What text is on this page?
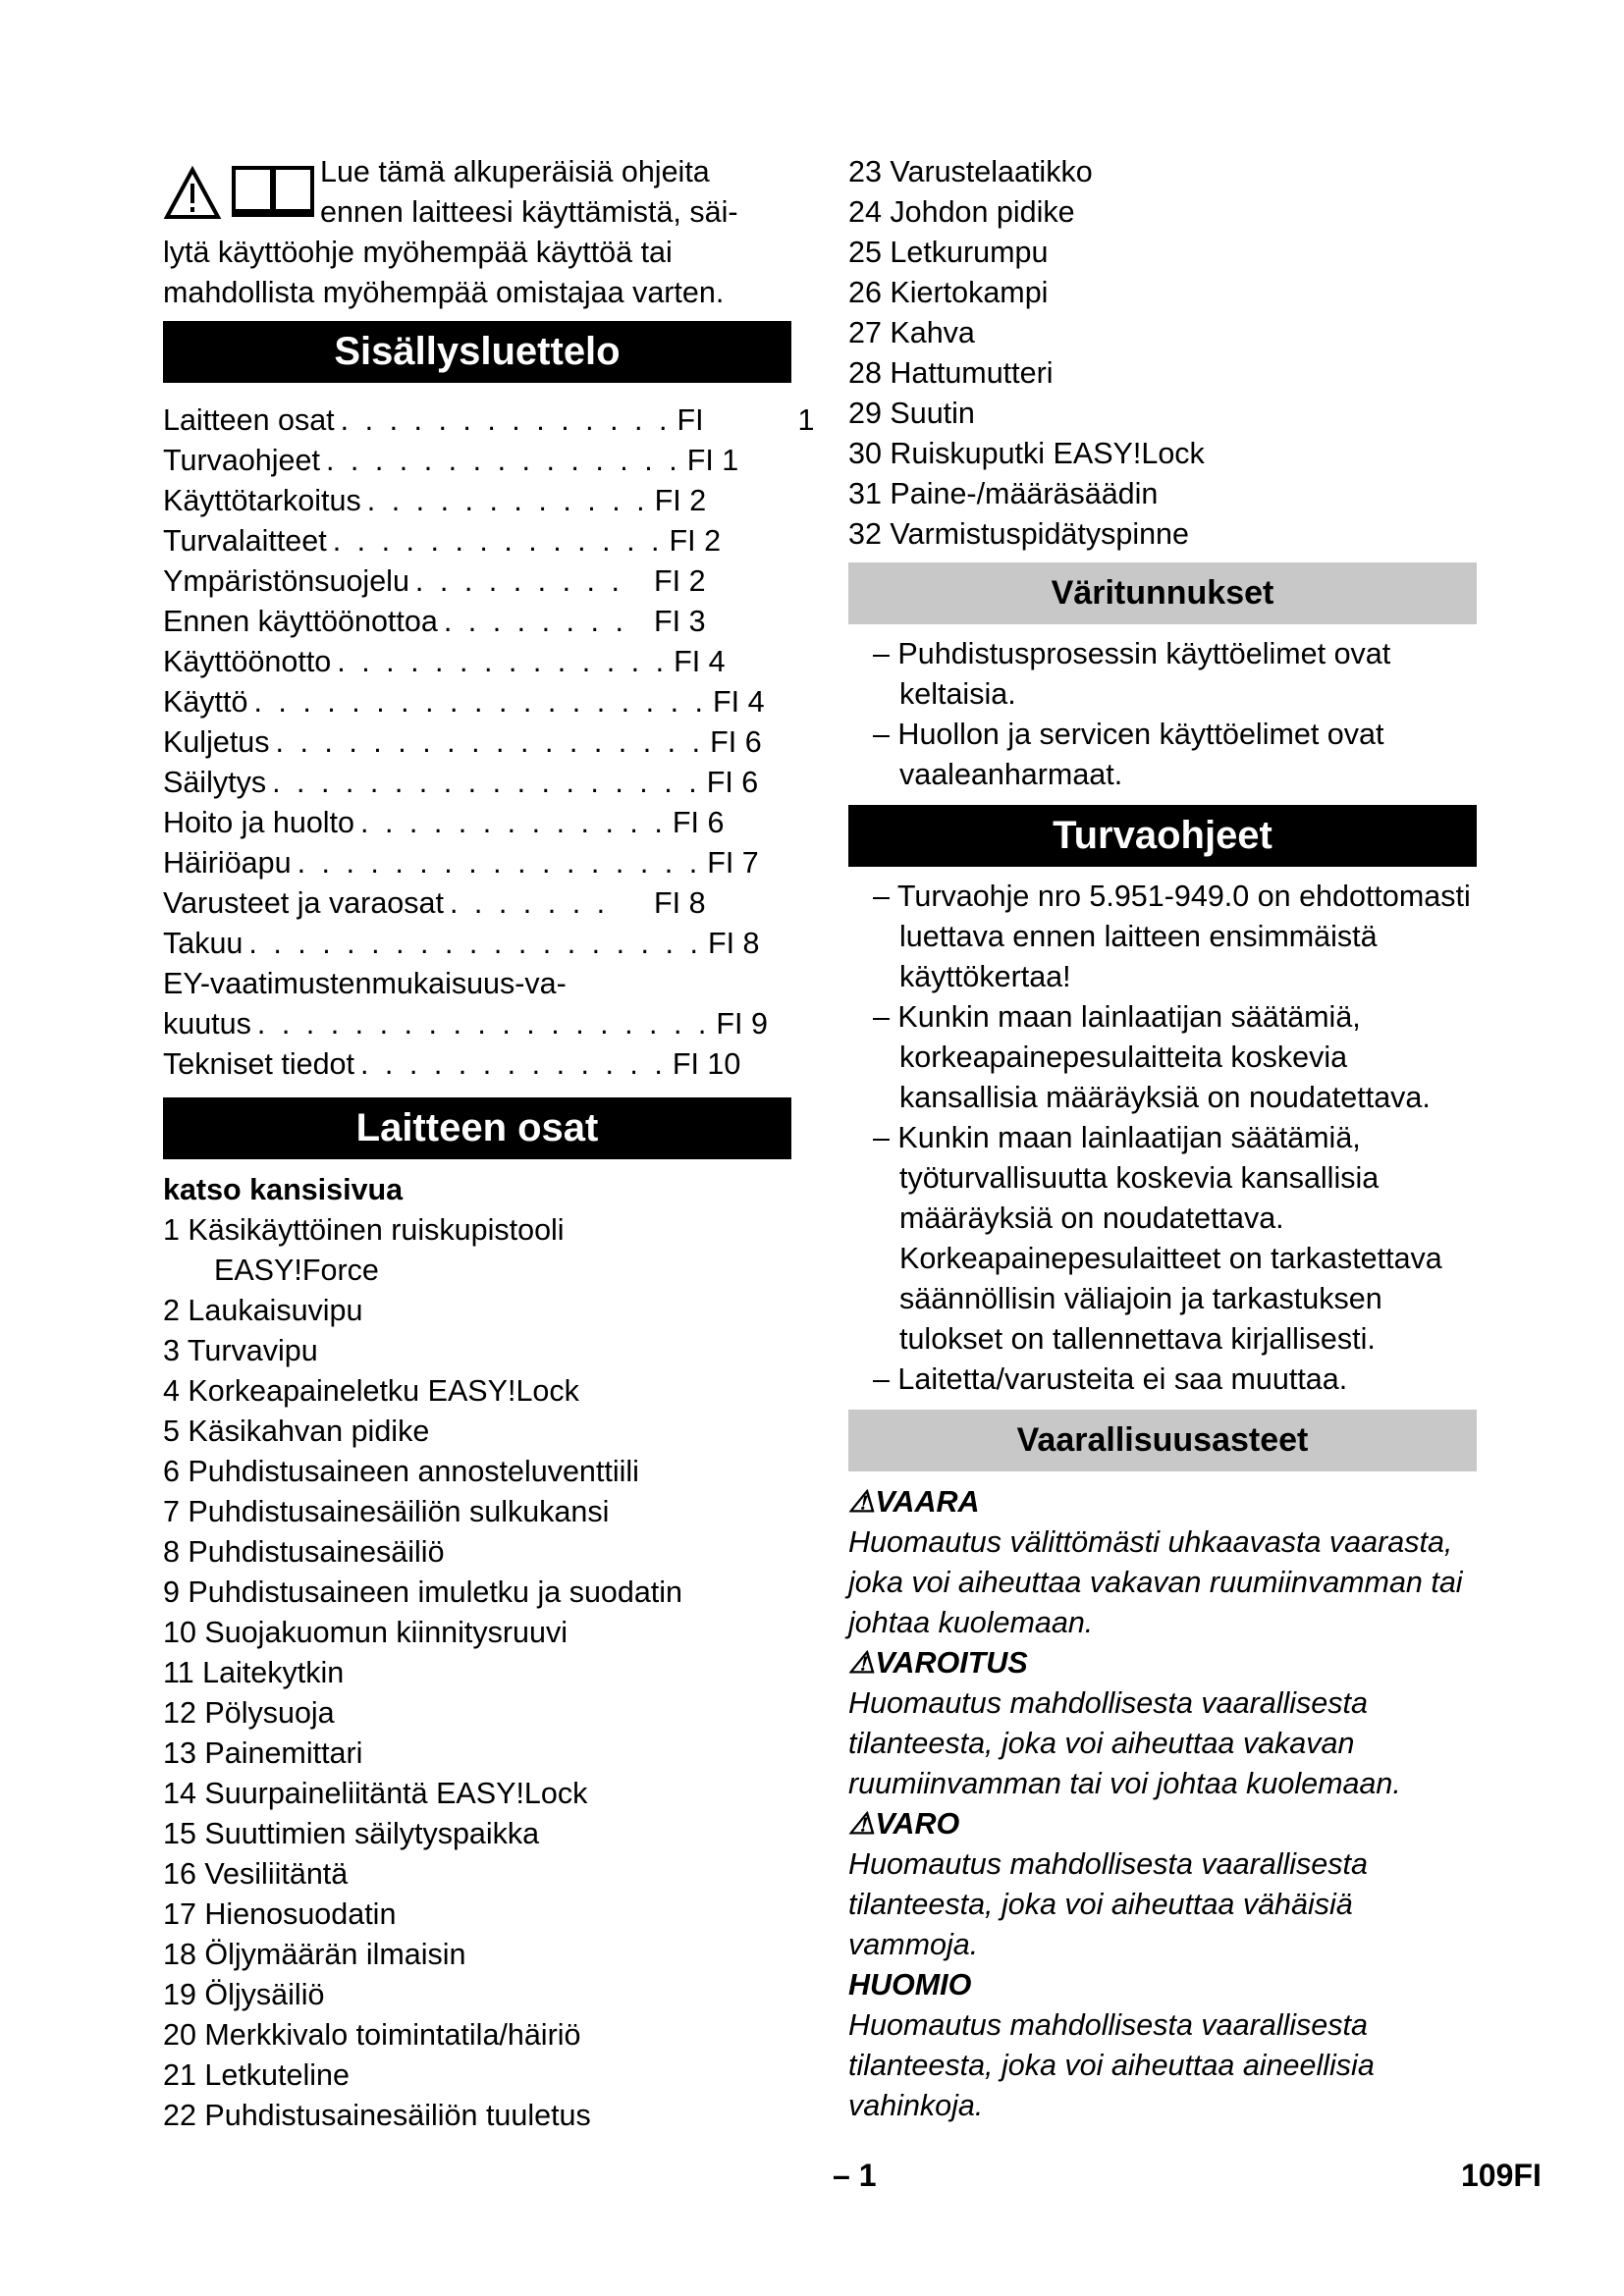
Lue tämä alkuperäisiä ohjeita
ennen laitteesi käyttämistä, säi-
lytä käyttöohje myöhempää käyttöä tai
mahdollista myöhempää omistajaa varten.
Sisällysluettelo
Laitteen osat . . . . . . . . . . . . . . FI	1
Turvaohjeet . . . . . . . . . . . . . . . FI 1
Käyttötarkoitus . . . . . . . . . . . . FI 2
Turvalaitteet . . . . . . . . . . . . . . FI 2
Ympäristönsuojelu . . . . . . . . .	FI 2
Ennen käyttöönottoa . . . . . . . . FI 3
Käyttöönotto . . . . . . . . . . . . . . FI 4
Käyttö . . . . . . . . . . . . . . . . . . . FI 4
Kuljetus . . . . . . . . . . . . . . . . . . FI 6
Säilytys . . . . . . . . . . . . . . . . . . FI 6
Hoito ja huolto . . . . . . . . . . . . . FI 6
Häiriöapu . . . . . . . . . . . . . . . . . FI 7
Varusteet ja varaosat . . . . . . .	FI 8
Takuu . . . . . . . . . . . . . . . . . . . FI 8
EY-vaatimustenmukaisuus-va-
kuutus . . . . . . . . . . . . . . . . . . . FI 9
Tekniset tiedot . . . . . . . . . . . . . FI 10
Laitteen osat
katso kansisivua
1 Käsikäyttöinen ruiskupistooli EASY!Force
2 Laukaisuvipu
3 Turvavipu
4 Korkeapaineletku EASY!Lock
5 Käsikahvan pidike
6 Puhdistusaineen annosteluventtiili
7 Puhdistusainesäiliön sulkukansi
8 Puhdistusainesäiliö
9 Puhdistusaineen imuletku ja suodatin
10 Suojakuomun kiinnitysruuvi
11 Laitekytkin
12 Pölysuoja
13 Painemittari
14 Suurpaineliitäntä EASY!Lock
15 Suuttimien säilytyspaikka
16 Vesiliitäntä
17 Hienosuodatin
18 Öljymäärän ilmaisin
19 Öljysäiliö
20 Merkkivalo toimintatila/häiriö
21 Letkuteline
22 Puhdistusainesäiliön tuuletus
23 Varustelaatikko
24 Johdon pidike
25 Letkurumpu
26 Kiertokampi
27 Kahva
28 Hattumutteri
29 Suutin
30 Ruiskuputki EASY!Lock
31 Paine-/määräsäädin
32 Varmistuspidätyspinne
Väritunnukset
– Puhdistusprosessin käyttöelimet ovat keltaisia.
– Huollon ja servicen käyttöelimet ovat vaaleanharmaat.
Turvaohjeet
– Turvaohje nro 5.951-949.0 on ehdottomasti luettava ennen laitteen ensimmäistä käyttökertaa!
– Kunkin maan lainlaatijan säätämiä, korkeapainepesulaitteita koskevia kansallisia määräyksiä on noudatettava.
– Kunkin maan lainlaatijan säätämiä, työturvallisuutta koskevia kansallisia määräyksiä on noudatettava. Korkeapainepesulaitteet on tarkastettava säännöllisin väliajoin ja tarkastuksen tulokset on tallennettava kirjallisesti.
– Laitetta/varusteita ei saa muuttaa.
Vaarallisuusasteet
⚠VAARA
Huomautus välittömästi uhkaavasta vaarasta, joka voi aiheuttaa vakavan ruumiinvamman tai johtaa kuolemaan.
⚠VAROITUS
Huomautus mahdollisesta vaarallisesta tilanteesta, joka voi aiheuttaa vakavan ruumiinvamman tai voi johtaa kuolemaan.
⚠VARO
Huomautus mahdollisesta vaarallisesta tilanteesta, joka voi aiheuttaa vähäisiä vammoja.
HUOMIO
Huomautus mahdollisesta vaarallisesta tilanteesta, joka voi aiheuttaa aineellisia vahinkoja.
– 1	109FI
